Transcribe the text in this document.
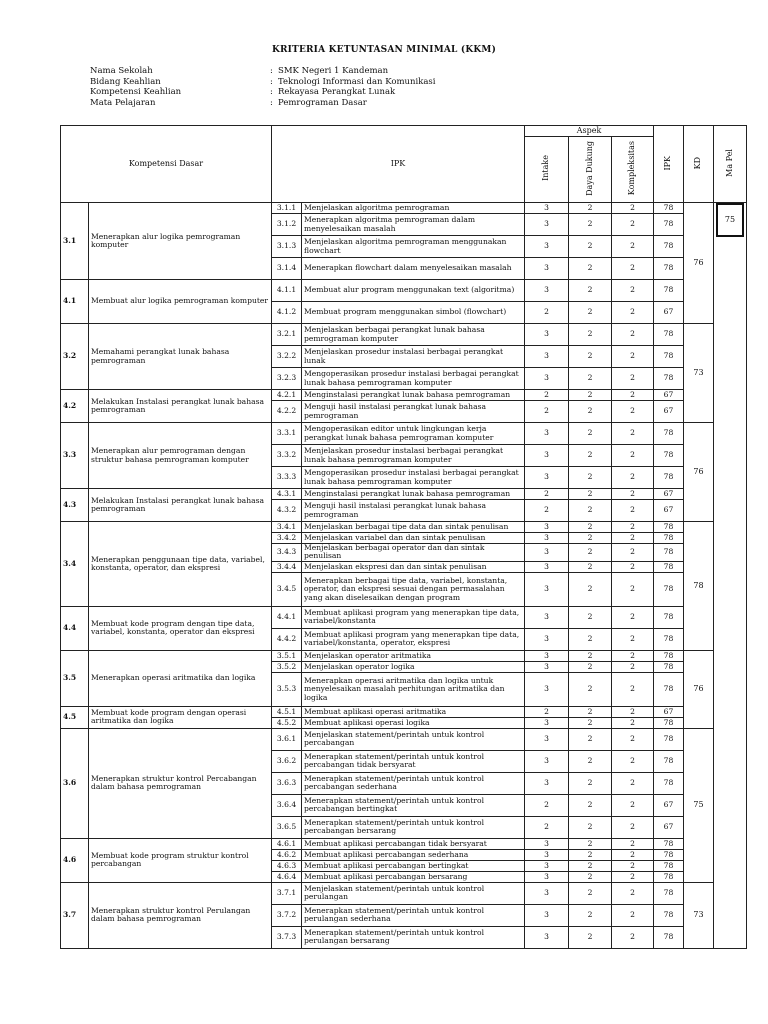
KRITERIA KETUNTASAN MINIMAL (KKM)
Nama Sekolah	: SMK Negeri 1 Kandeman
Bidang Keahlian	: Teknologi Informasi dan Komunikasi
Kompetensi Keahlian	: Rekayasa Perangkat Lunak
Mata Pelajaran	: Pemrograman Dasar
Kompetensi Dasar		IPK		Aspek			IPK	KD	Ma Pel
				Intake	Daya Dukung	Kompleksitas			
3.1	Menerapkan alur logika pemrograman komputer	3.1.1	Menjelaskan algoritma pemrograman	3	2	2	78	76	75
		3.1.2	Menerapkan algoritma pemrograman dalam menyelesaikan masalah	3	2	2	78		
		3.1.3	Menjelaskan algoritma pemrograman menggunakan flowchart	3	2	2	78		
		3.1.4	Menerapkan flowchart dalam menyelesaikan masalah	3	2	2	78		
4.1	Membuat alur logika pemrograman komputer	4.1.1	Membuat alur program menggunakan text (algoritma)	3	2	2	78		
		4.1.2	Membuat program menggunakan simbol (flowchart)	2	2	2	67		
3.2	Memahami perangkat lunak bahasa pemrograman	3.2.1	Menjelaskan berbagai perangkat lunak bahasa pemrograman komputer	3	2	2	78	73	
		3.2.2	Menjelaskan prosedur instalasi berbagai perangkat lunak	3	2	2	78		
		3.2.3	Mengoperasikan prosedur instalasi berbagai perangkat lunak bahasa pemrograman komputer	3	2	2	78		
4.2	Melakukan Instalasi perangkat lunak bahasa pemrograman	4.2.1	Menginstalasi perangkat lunak bahasa pemrograman	2	2	2	67		
		4.2.2	Menguji hasil instalasi perangkat lunak bahasa pemrograman	2	2	2	67		
3.3	Menerapkan alur pemrograman dengan struktur bahasa pemrograman komputer	3.3.1	Mengoperasikan editor untuk lingkungan kerja perangkat lunak bahasa pemrograman komputer	3	2	2	78	76	
		3.3.2	Menjelaskan prosedur instalasi berbagai perangkat lunak bahasa pemrograman komputer	3	2	2	78		
		3.3.3	Mengoperasikan prosedur instalasi berbagai perangkat lunak bahasa pemrograman komputer	3	2	2	78		
4.3	Melakukan Instalasi perangkat lunak bahasa pemrograman	4.3.1	Menginstalasi perangkat lunak bahasa pemrograman	2	2	2	67		
		4.3.2	Menguji hasil instalasi perangkat lunak bahasa pemrograman	2	2	2	67		
3.4	Menerapkan penggunaan tipe data, variabel, konstanta, operator, dan ekspresi	3.4.1	Menjelaskan berbagai tipe data dan sintak penulisan	3	2	2	78	78	
		3.4.2	Menjelaskan variabel dan dan sintak penulisan	3	2	2	78		
		3.4.3	Menjelaskan berbagai operator dan dan sintak penulisan	3	2	2	78		
		3.4.4	Menjelaskan ekspresi dan dan sintak penulisan	3	2	2	78		
		3.4.5	Menerapkan berbagai tipe data, variabel, konstanta, operator, dan ekspresi sesuai dengan permasalahan yang akan diselesaikan dengan program	3	2	2	78		
4.4	Membuat kode program dengan tipe data, variabel, konstanta, operator dan ekspresi	4.4.1	Membuat aplikasi program yang menerapkan tipe data, variabel/konstanta	3	2	2	78		
		4.4.2	Membuat aplikasi program yang menerapkan tipe data, variabel/konstanta, operator, ekspresi	3	2	2	78		
3.5	Menerapkan operasi aritmatika dan logika	3.5.1	Menjelaskan operator aritmatika	3	2	2	78	76	
		3.5.2	Menjelaskan operator logika	3	2	2	78		
		3.5.3	Menerapkan operasi aritmatika dan logika untuk menyelesaikan masalah perhitungan aritmatika dan logika	3	2	2	78		
4.5	Membuat kode program dengan operasi aritmatika dan logika	4.5.1	Membuat aplikasi operasi aritmatika	2	2	2	67		
		4.5.2	Membuat aplikasi operasi logika	3	2	2	78		
3.6	Menerapkan struktur kontrol Percabangan dalam bahasa pemrograman	3.6.1	Menjelaskan statement/perintah untuk kontrol percabangan	3	2	2	78	75	
		3.6.2	Menerapkan statement/perintah untuk kontrol percabangan tidak bersyarat	3	2	2	78		
		3.6.3	Menerapkan statement/perintah untuk kontrol percabangan sederhana	3	2	2	78		
		3.6.4	Menerapkan statement/perintah untuk kontrol percabangan bertingkat	2	2	2	67		
		3.6.5	Menerapkan statement/perintah untuk kontrol percabangan bersarang	2	2	2	67		
4.6	Membuat kode program struktur kontrol percabangan	4.6.1	Membuat aplikasi percabangan tidak bersyarat	3	2	2	78		
		4.6.2	Membuat aplikasi percabangan sederhana	3	2	2	78		
		4.6.3	Membuat aplikasi percabangan bertingkat	3	2	2	78		
		4.6.4	Membuat aplikasi percabangan bersarang	3	2	2	78		
3.7	Menerapkan struktur kontrol Perulangan dalam bahasa pemrograman	3.7.1	Menjelaskan statement/perintah untuk kontrol perulangan	3	2	2	78	73	
		3.7.2	Menerapkan statement/perintah untuk kontrol perulangan sederhana	3	2	2	78		
		3.7.3	Menerapkan statement/perintah untuk kontrol perulangan bersarang	3	2	2	78		
